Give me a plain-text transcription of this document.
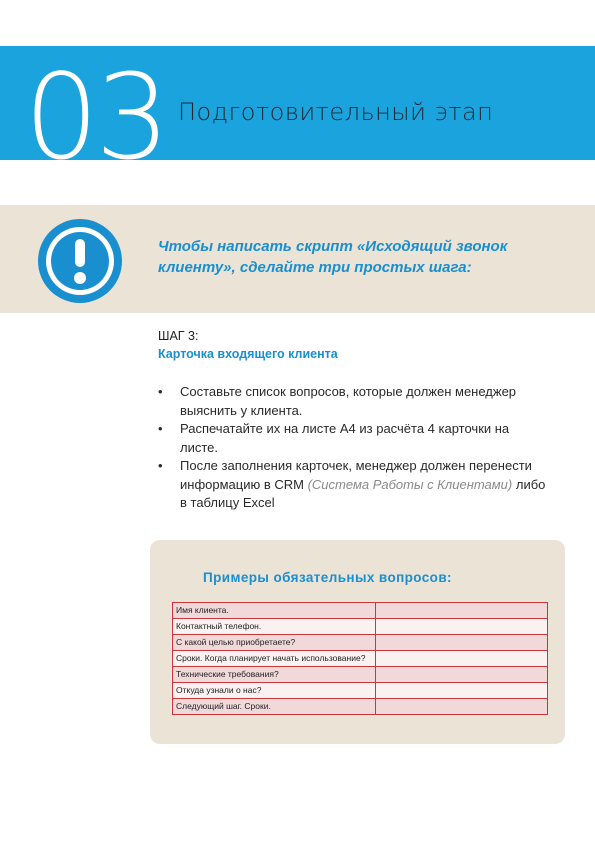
03 Подготовительный этап
Чтобы написать скрипт «Исходящий звонок клиенту», сделайте три простых шага:
ШАГ 3:
Карточка входящего клиента
• Составьте список вопросов, которые должен менеджер выяснить у клиента.
• Распечатайте их на листе А4 из расчёта 4 карточки на листе.
• После заполнения карточек, менеджер должен перенести информацию в CRM (Система Работы с Клиентами) либо в таблицу Excel
Примеры обязательных вопросов:
Имя клиента.	
Контактный телефон.	
С какой целью приобретаете?	
Сроки. Когда планирует начать использование?	
Технические требования?	
Откуда узнали о нас?	
Следующий шаг. Сроки.	
